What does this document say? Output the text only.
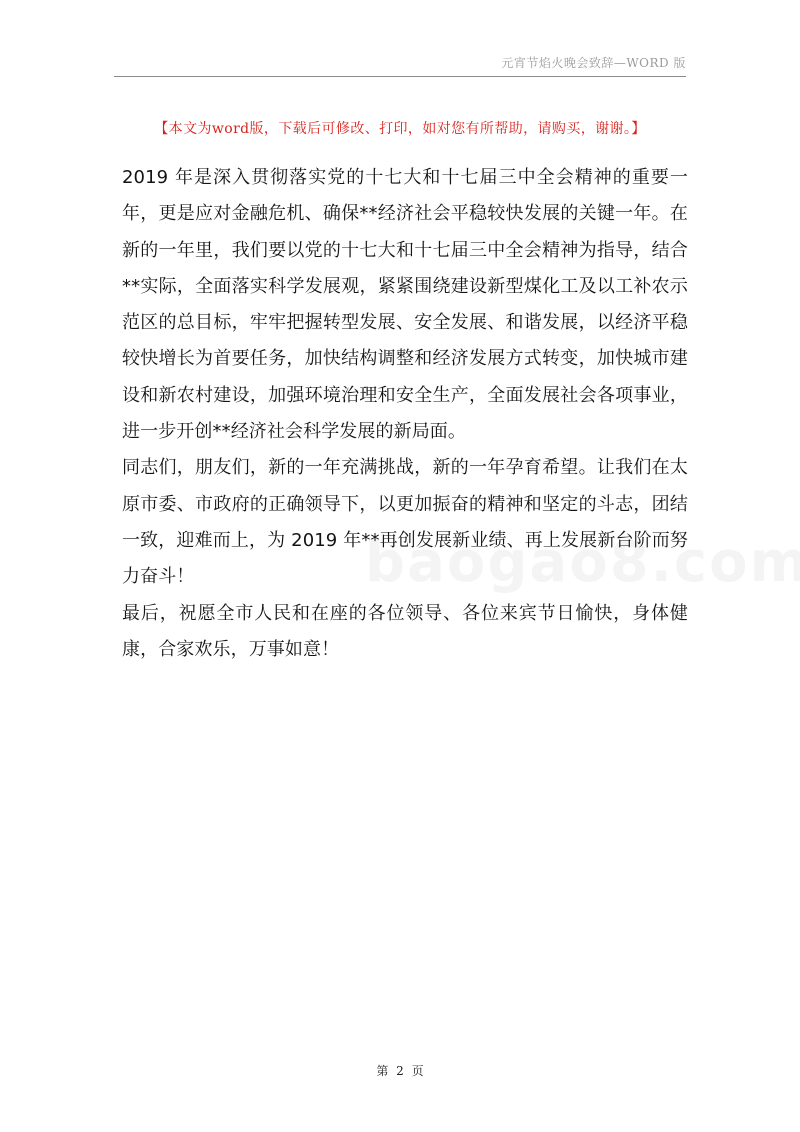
元宵节焰火晚会致辞—WORD 版
【本文为word版，下载后可修改、打印，如对您有所帮助，请购买，谢谢。】

2019 年是深入贯彻落实党的十七大和十七届三中全会精神的重要一年，更是应对金融危机、确保**经济社会平稳较快发展的关键一年。在新的一年里，我们要以党的十七大和十七届三中全会精神为指导，结合**实际，全面落实科学发展观，紧紧围绕建设新型煤化工及以工补农示范区的总目标，牢牢把握转型发展、安全发展、和谐发展，以经济平稳较快增长为首要任务，加快结构调整和经济发展方式转变，加快城市建设和新农村建设，加强环境治理和安全生产，全面发展社会各项事业，进一步开创**经济社会科学发展的新局面。

同志们，朋友们，新的一年充满挑战，新的一年孕育希望。让我们在太原市委、市政府的正确领导下，以更加振奋的精神和坚定的斗志，团结一致，迎难而上，为 2019 年**再创发展新业绩、再上发展新台阶而努力奋斗！

最后，祝愿全市人民和在座的各位领导、各位来宾节日愉快，身体健康，合家欢乐，万事如意！

第 2 页
